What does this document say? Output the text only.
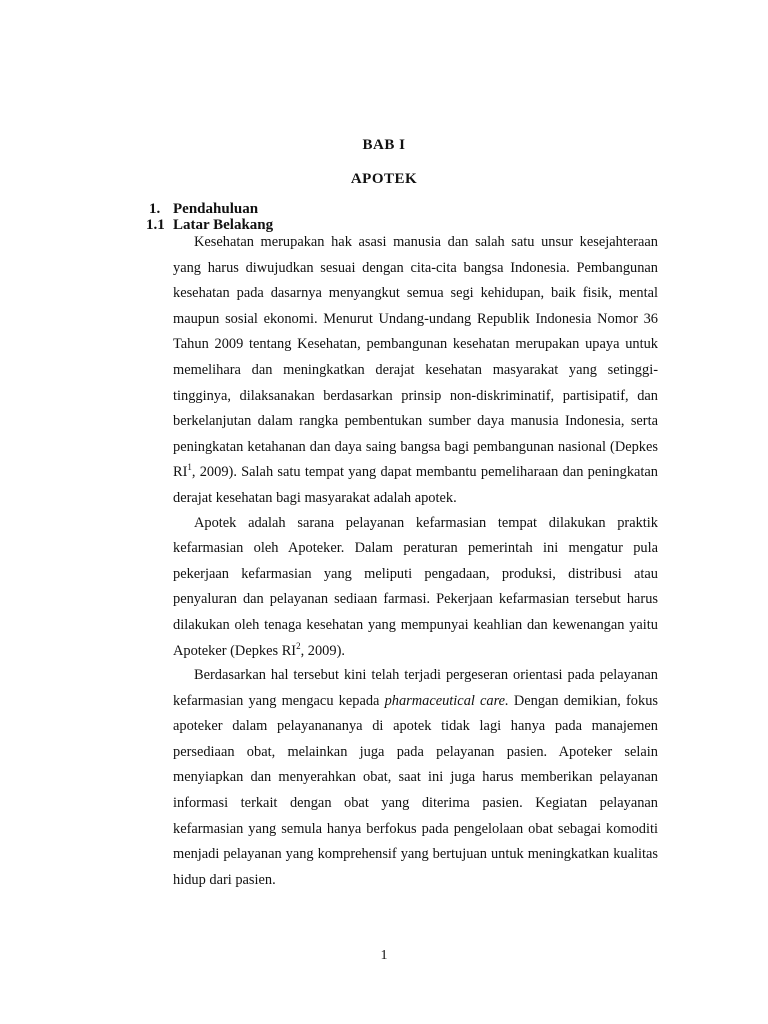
BAB I
APOTEK
1. Pendahuluan
1.1 Latar Belakang

Kesehatan merupakan hak asasi manusia dan salah satu unsur kesejahteraan yang harus diwujudkan sesuai dengan cita-cita bangsa Indonesia. Pembangunan kesehatan pada dasarnya menyangkut semua segi kehidupan, baik fisik, mental maupun sosial ekonomi. Menurut Undang-undang Republik Indonesia Nomor 36 Tahun 2009 tentang Kesehatan, pembangunan kesehatan merupakan upaya untuk memelihara dan meningkatkan derajat kesehatan masyarakat yang setinggi-tingginya, dilaksanakan berdasarkan prinsip non-diskriminatif, partisipatif, dan berkelanjutan dalam rangka pembentukan sumber daya manusia Indonesia, serta peningkatan ketahanan dan daya saing bangsa bagi pembangunan nasional (Depkes $RI^1$, 2009). Salah satu tempat yang dapat membantu pemeliharaan dan peningkatan derajat kesehatan bagi masyarakat adalah apotek.

Apotek adalah sarana pelayanan kefarmasian tempat dilakukan praktik kefarmasian oleh Apoteker. Dalam peraturan pemerintah ini mengatur pula pekerjaan kefarmasian yang meliputi pengadaan, produksi, distribusi atau penyaluran dan pelayanan sediaan farmasi. Pekerjaan kefarmasian tersebut harus dilakukan oleh tenaga kesehatan yang mempunyai keahlian dan kewenangan yaitu Apoteker (Depkes $RI^2$, 2009).

Berdasarkan hal tersebut kini telah terjadi pergeseran orientasi pada pelayanan kefarmasian yang mengacu kepada pharmaceutical care. Dengan demikian, fokus apoteker dalam pelayanananya di apotek tidak lagi hanya pada manajemen persediaan obat, melainkan juga pada pelayanan pasien. Apoteker selain menyiapkan dan menyerahkan obat, saat ini juga harus memberikan pelayanan informasi terkait dengan obat yang diterima pasien. Kegiatan pelayanan kefarmasian yang semula hanya berfokus pada pengelolaan obat sebagai komoditi menjadi pelayanan yang komprehensif yang bertujuan untuk meningkatkan kualitas hidup dari pasien.

1
